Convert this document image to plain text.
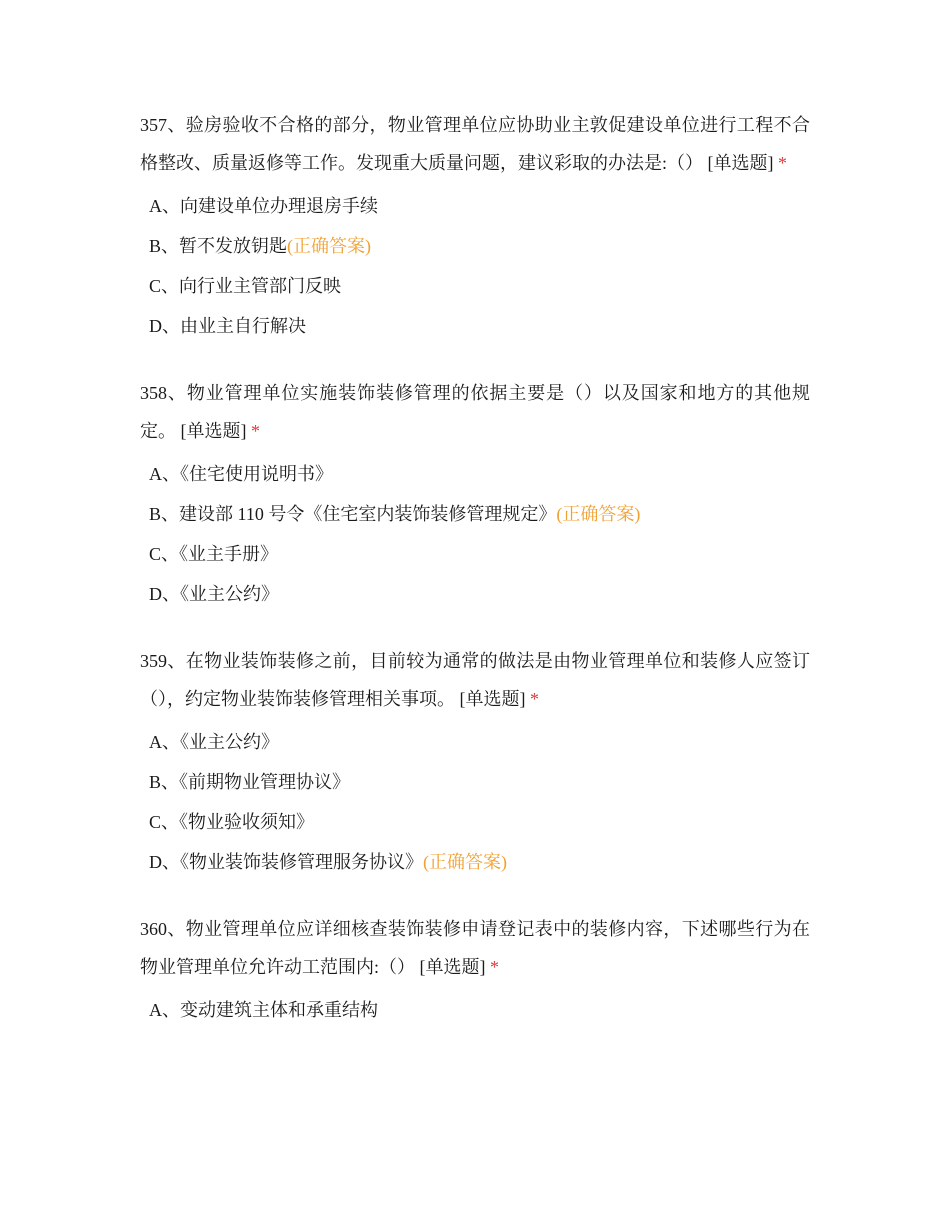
357、验房验收不合格的部分，物业管理单位应协助业主敦促建设单位进行工程不合格整改、质量返修等工作。发现重大质量问题，建议彩取的办法是:（） [单选题] *

A、向建设单位办理退房手续
B、暂不发放钥匙(正确答案)
C、向行业主管部门反映
D、由业主自行解决

358、物业管理单位实施装饰装修管理的依据主要是（）以及国家和地方的其他规定。 [单选题] *

A、《住宅使用说明书》
B、建设部 110 号令《住宅室内装饰装修管理规定》(正确答案)
C、《业主手册》
D、《业主公约》

359、在物业装饰装修之前，目前较为通常的做法是由物业管理单位和装修人应签订（），约定物业装饰装修管理相关事项。 [单选题] *

A、《业主公约》
B、《前期物业管理协议》
C、《物业验收须知》
D、《物业装饰装修管理服务协议》(正确答案)

360、物业管理单位应详细核查装饰装修申请登记表中的装修内容，下述哪些行为在物业管理单位允许动工范围内:（） [单选题] *

A、变动建筑主体和承重结构
